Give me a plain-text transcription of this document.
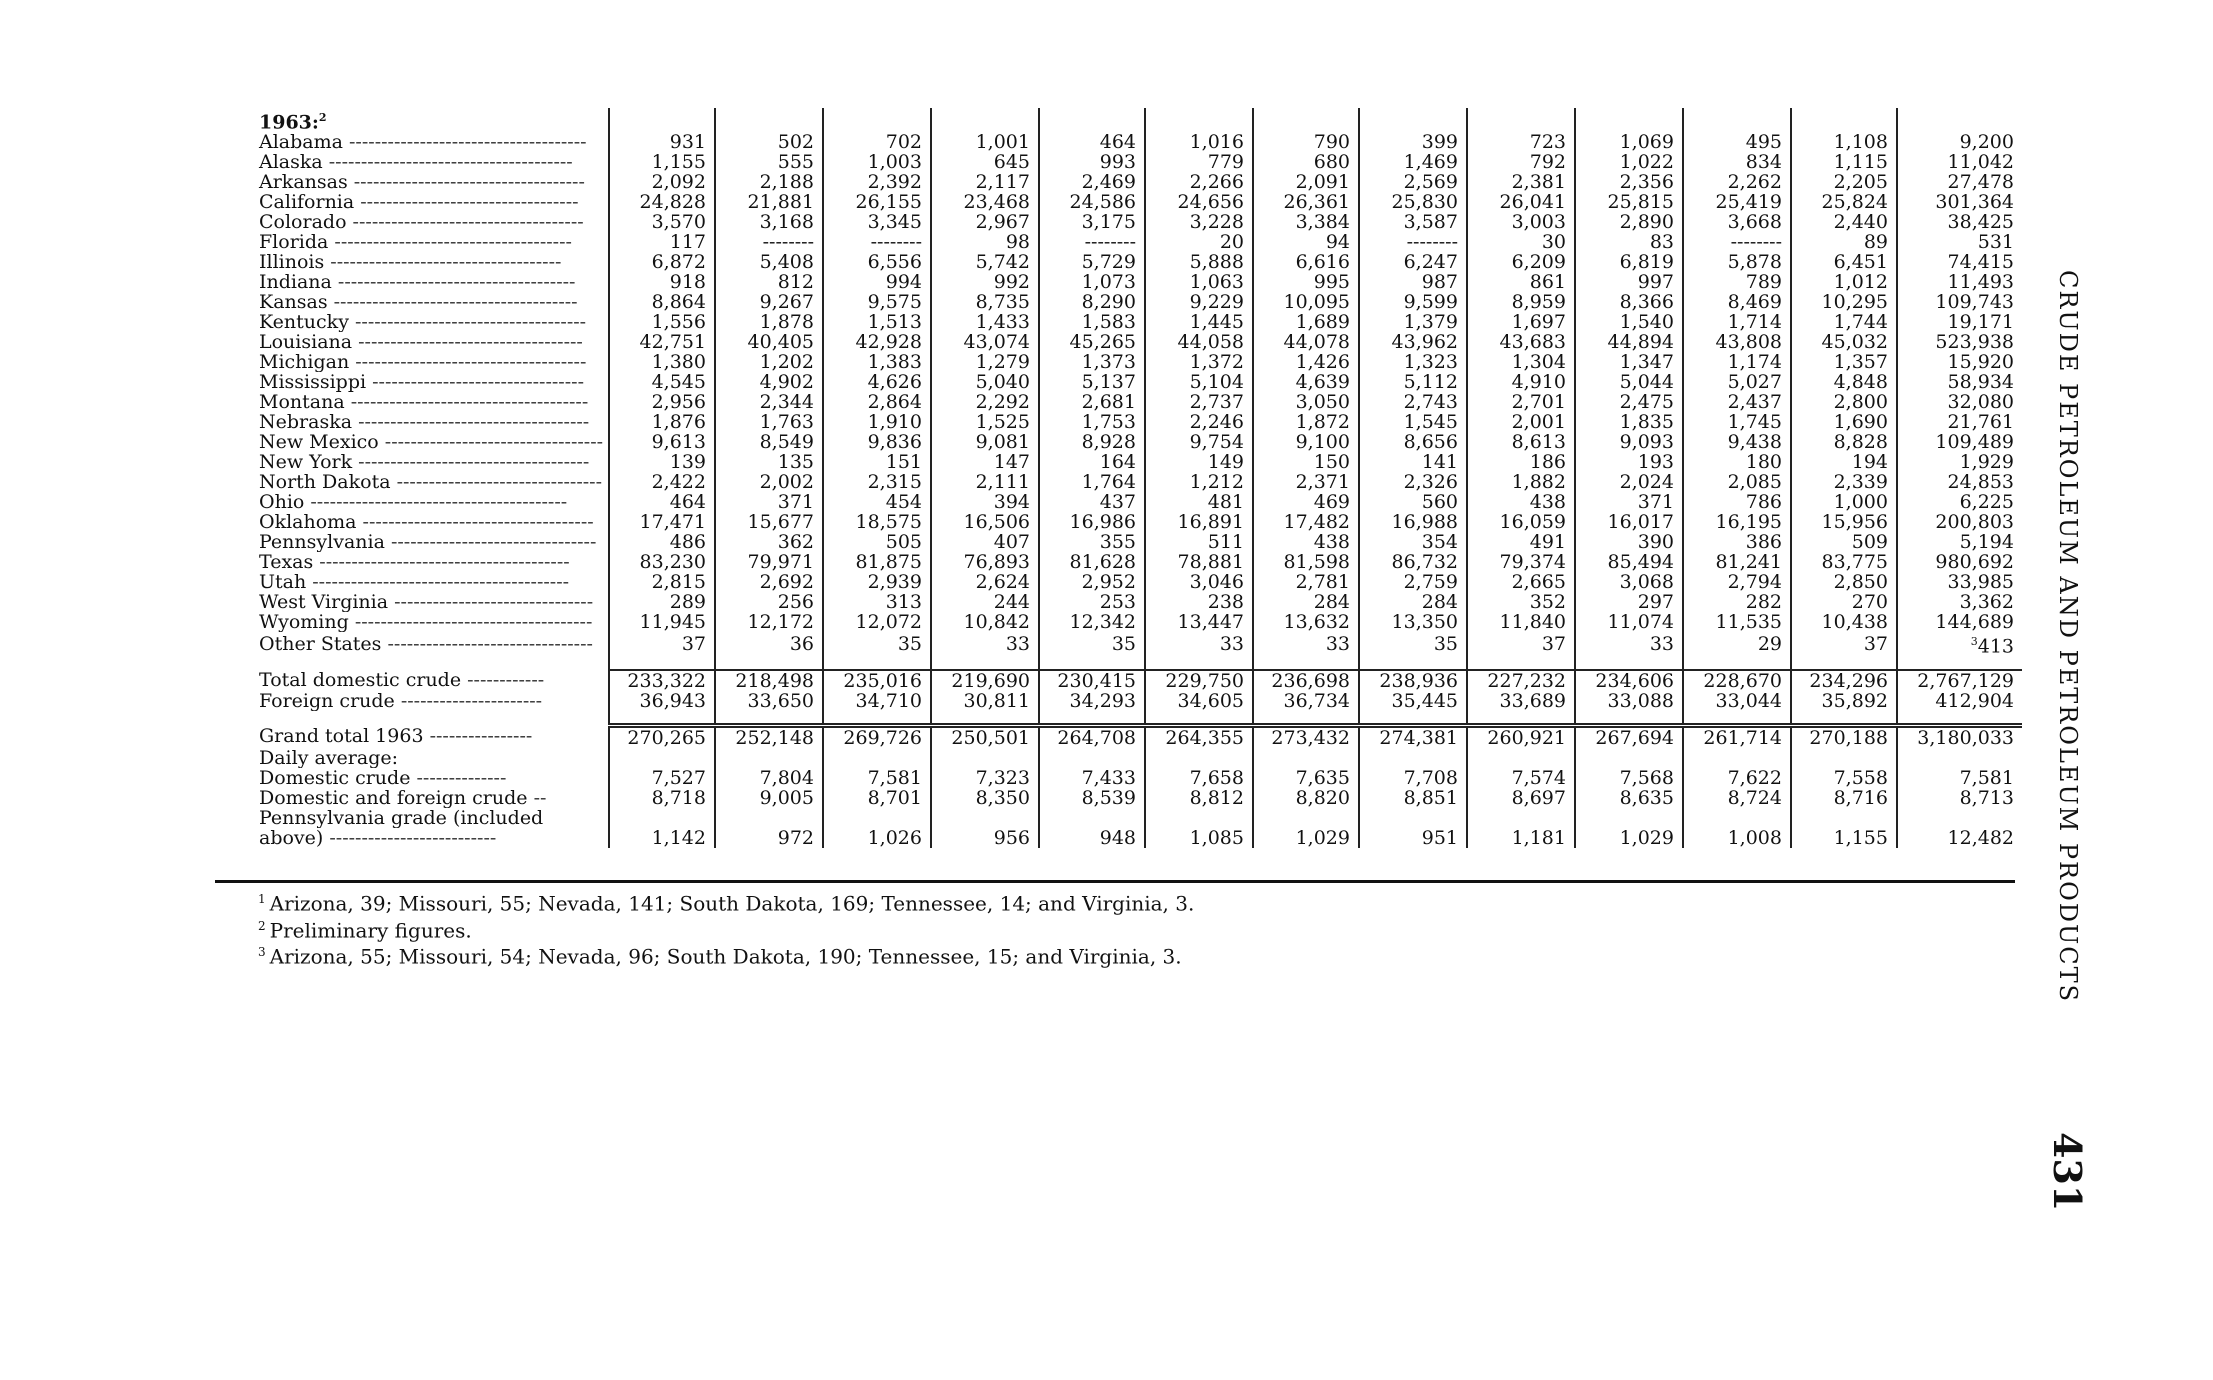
1963:$^2$													
Alabama -------------------------------------	931	502	702	1,001	464	1,016	790	399	723	1,069	495	1,108	9,200
Alaska --------------------------------------	1,155	555	1,003	645	993	779	680	1,469	792	1,022	834	1,115	11,042
Arkansas ------------------------------------	2,092	2,188	2,392	2,117	2,469	2,266	2,091	2,569	2,381	2,356	2,262	2,205	27,478
California ----------------------------------	24,828	21,881	26,155	23,468	24,586	24,656	26,361	25,830	26,041	25,815	25,419	25,824	301,364
Colorado ------------------------------------	3,570	3,168	3,345	2,967	3,175	3,228	3,384	3,587	3,003	2,890	3,668	2,440	38,425
Florida -------------------------------------	117	--------	--------	98	--------	20	94	--------	30	83	--------	89	531
Illinois ------------------------------------	6,872	5,408	6,556	5,742	5,729	5,888	6,616	6,247	6,209	6,819	5,878	6,451	74,415
Indiana -------------------------------------	918	812	994	992	1,073	1,063	995	987	861	997	789	1,012	11,493
Kansas --------------------------------------	8,864	9,267	9,575	8,735	8,290	9,229	10,095	9,599	8,959	8,366	8,469	10,295	109,743
Kentucky ------------------------------------	1,556	1,878	1,513	1,433	1,583	1,445	1,689	1,379	1,697	1,540	1,714	1,744	19,171
Louisiana -----------------------------------	42,751	40,405	42,928	43,074	45,265	44,058	44,078	43,962	43,683	44,894	43,808	45,032	523,938
Michigan ------------------------------------	1,380	1,202	1,383	1,279	1,373	1,372	1,426	1,323	1,304	1,347	1,174	1,357	15,920
Mississippi ---------------------------------	4,545	4,902	4,626	5,040	5,137	5,104	4,639	5,112	4,910	5,044	5,027	4,848	58,934
Montana -------------------------------------	2,956	2,344	2,864	2,292	2,681	2,737	3,050	2,743	2,701	2,475	2,437	2,800	32,080
Nebraska ------------------------------------	1,876	1,763	1,910	1,525	1,753	2,246	1,872	1,545	2,001	1,835	1,745	1,690	21,761
New Mexico ----------------------------------	9,613	8,549	9,836	9,081	8,928	9,754	9,100	8,656	8,613	9,093	9,438	8,828	109,489
New York ------------------------------------	139	135	151	147	164	149	150	141	186	193	180	194	1,929
North Dakota --------------------------------	2,422	2,002	2,315	2,111	1,764	1,212	2,371	2,326	1,882	2,024	2,085	2,339	24,853
Ohio ----------------------------------------	464	371	454	394	437	481	469	560	438	371	786	1,000	6,225
Oklahoma ------------------------------------	17,471	15,677	18,575	16,506	16,986	16,891	17,482	16,988	16,059	16,017	16,195	15,956	200,803
Pennsylvania --------------------------------	486	362	505	407	355	511	438	354	491	390	386	509	5,194
Texas ---------------------------------------	83,230	79,971	81,875	76,893	81,628	78,881	81,598	86,732	79,374	85,494	81,241	83,775	980,692
Utah ----------------------------------------	2,815	2,692	2,939	2,624	2,952	3,046	2,781	2,759	2,665	3,068	2,794	2,850	33,985
West Virginia -------------------------------	289	256	313	244	253	238	284	284	352	297	282	270	3,362
Wyoming -------------------------------------	11,945	12,172	12,072	10,842	12,342	13,447	13,632	13,350	11,840	11,074	11,535	10,438	144,689
Other States --------------------------------	37	36	35	33	35	33	33	35	37	33	29	37	$^3$413

Total domestic crude ------------	233,322	218,498	235,016	219,690	230,415	229,750	236,698	238,936	227,232	234,606	228,670	234,296	2,767,129
Foreign crude ----------------------	36,943	33,650	34,710	30,811	34,293	34,605	36,734	35,445	33,689	33,088	33,044	35,892	412,904

Grand total 1963 ----------------	270,265	252,148	269,726	250,501	264,708	264,355	273,432	274,381	260,921	267,694	261,714	270,188	3,180,033
Daily average:													
Domestic crude --------------	7,527	7,804	7,581	7,323	7,433	7,658	7,635	7,708	7,574	7,568	7,622	7,558	7,581
Domestic and foreign crude --	8,718	9,005	8,701	8,350	8,539	8,812	8,820	8,851	8,697	8,635	8,724	8,716	8,713
Pennsylvania grade (included													
above) --------------------------	1,142	972	1,026	956	948	1,085	1,029	951	1,181	1,029	1,008	1,155	12,482
$^1$ Arizona, 39; Missouri, 55; Nevada, 141; South Dakota, 169; Tennessee, 14; and Virginia, 3.
$^2$ Preliminary figures.
$^3$ Arizona, 55; Missouri, 54; Nevada, 96; South Dakota, 190; Tennessee, 15; and Virginia, 3.	CRUDE PETROLEUM AND PETROLEUM PRODUCTS
431
